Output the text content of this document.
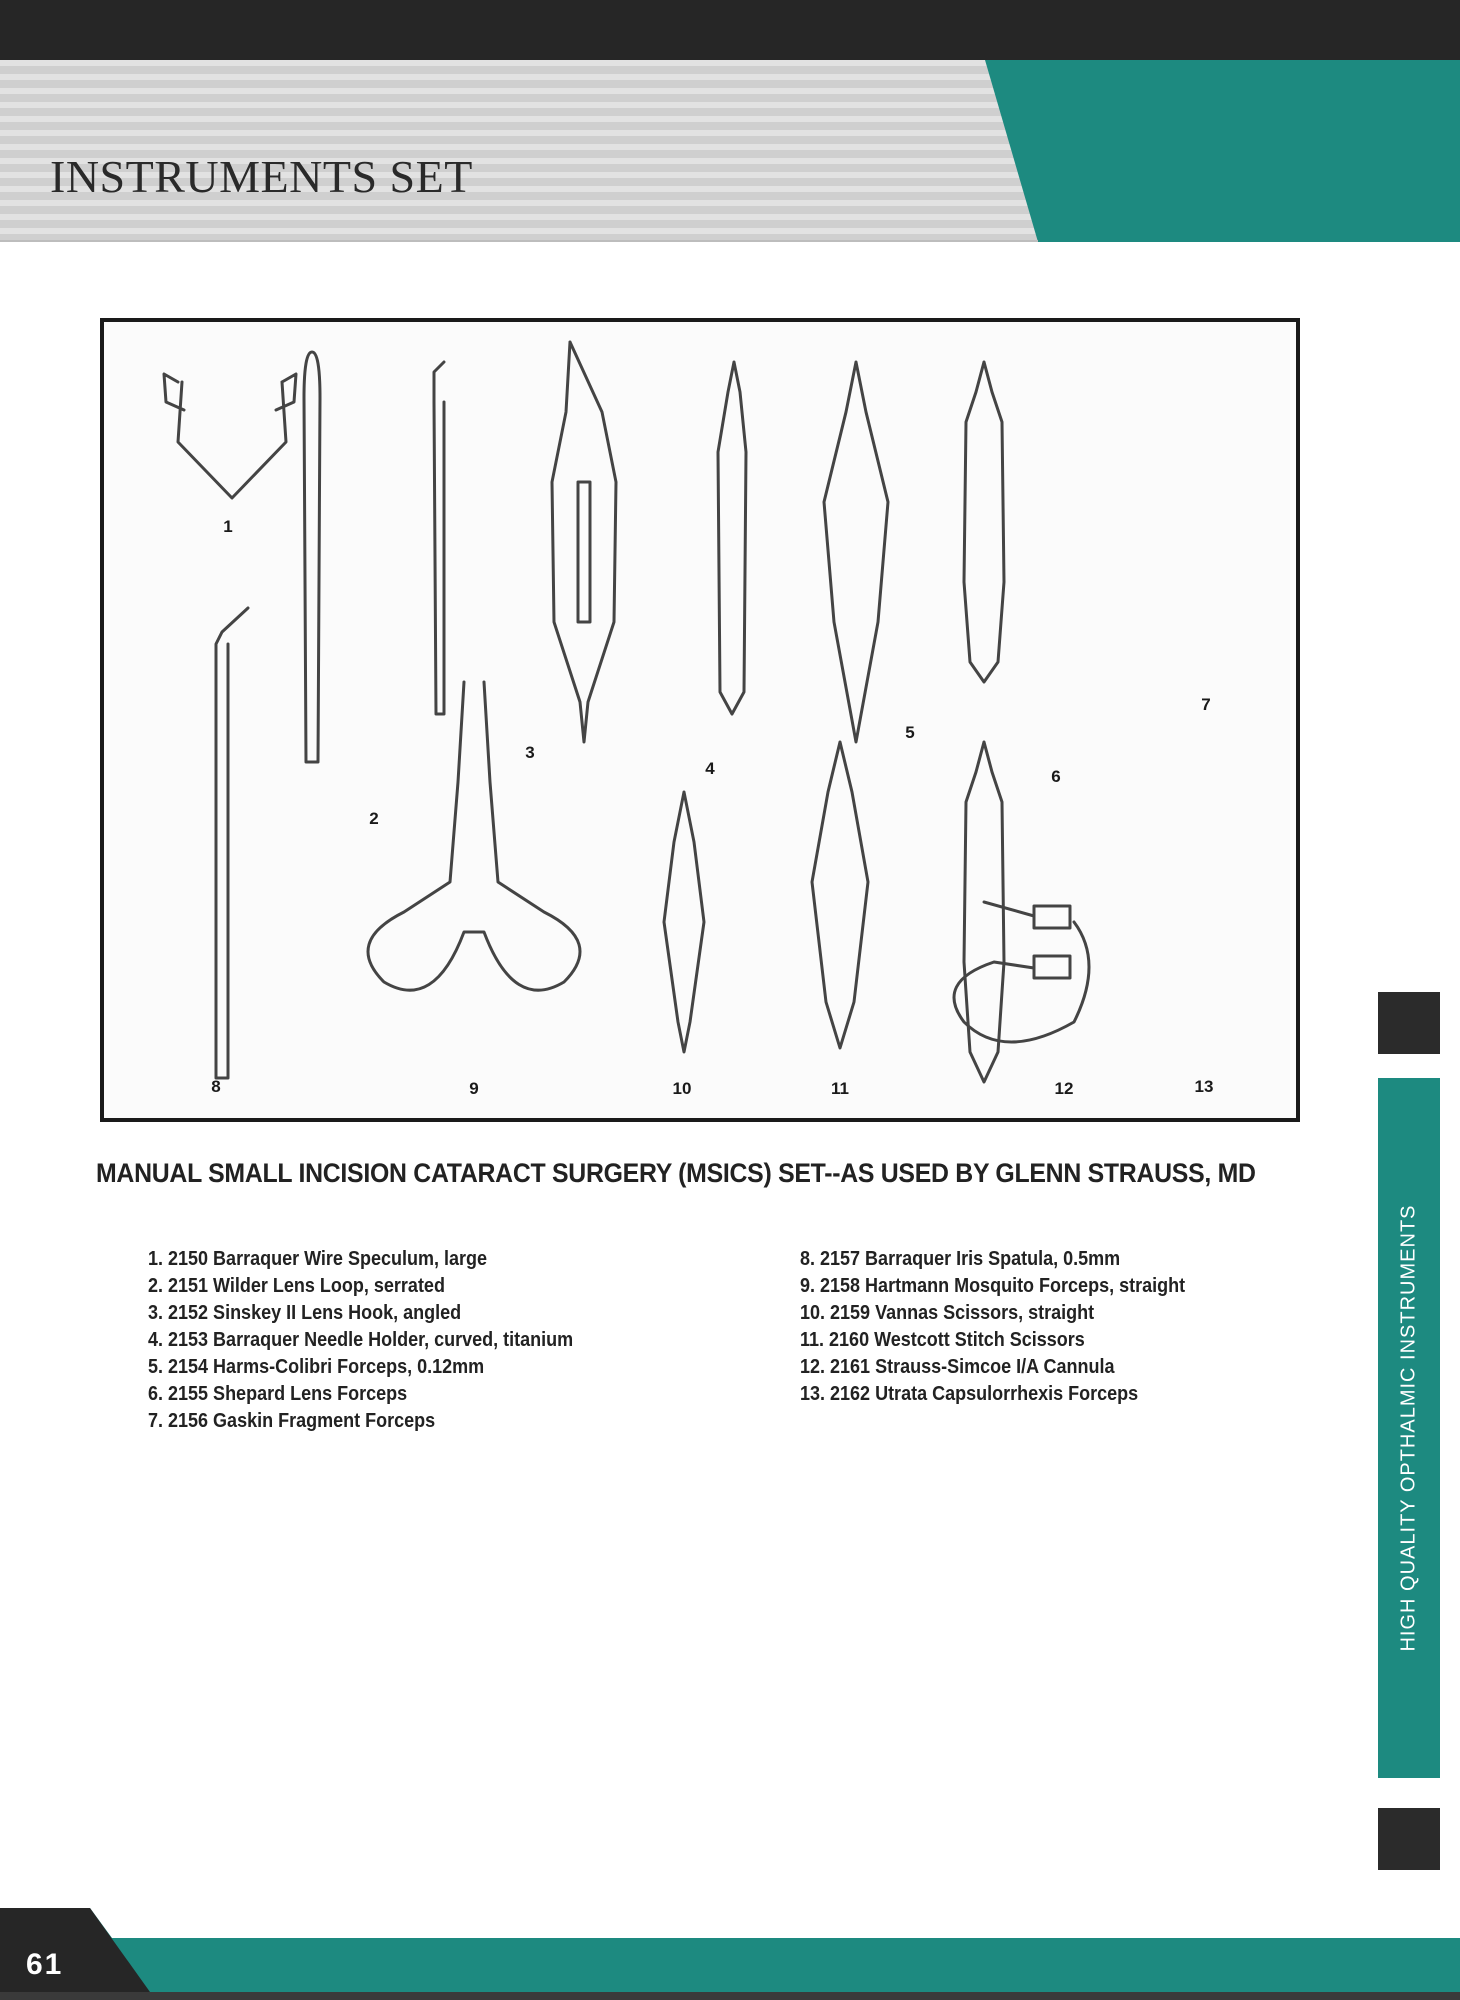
INSTRUMENTS SET
1
2
3
4
5
6
7
8	9	10	11	12	13
MANUAL SMALL INCISION CATARACT SURGERY (MSICS) SET--AS USED BY GLENN STRAUSS, MD
1. 2150 Barraquer Wire Speculum, large
2. 2151 Wilder Lens Loop, serrated
3. 2152 Sinskey II Lens Hook, angled
4. 2153 Barraquer Needle Holder, curved, titanium
5. 2154 Harms-Colibri Forceps, 0.12mm
6. 2155 Shepard Lens Forceps
7. 2156 Gaskin Fragment Forceps
8. 2157 Barraquer Iris Spatula, 0.5mm
9. 2158 Hartmann Mosquito Forceps, straight
10. 2159 Vannas Scissors, straight
11. 2160 Westcott Stitch Scissors
12. 2161 Strauss-Simcoe I/A Cannula
13. 2162 Utrata Capsulorrhexis Forceps	HIGH QUALITY OPTHALMIC INSTRUMENTS
61
